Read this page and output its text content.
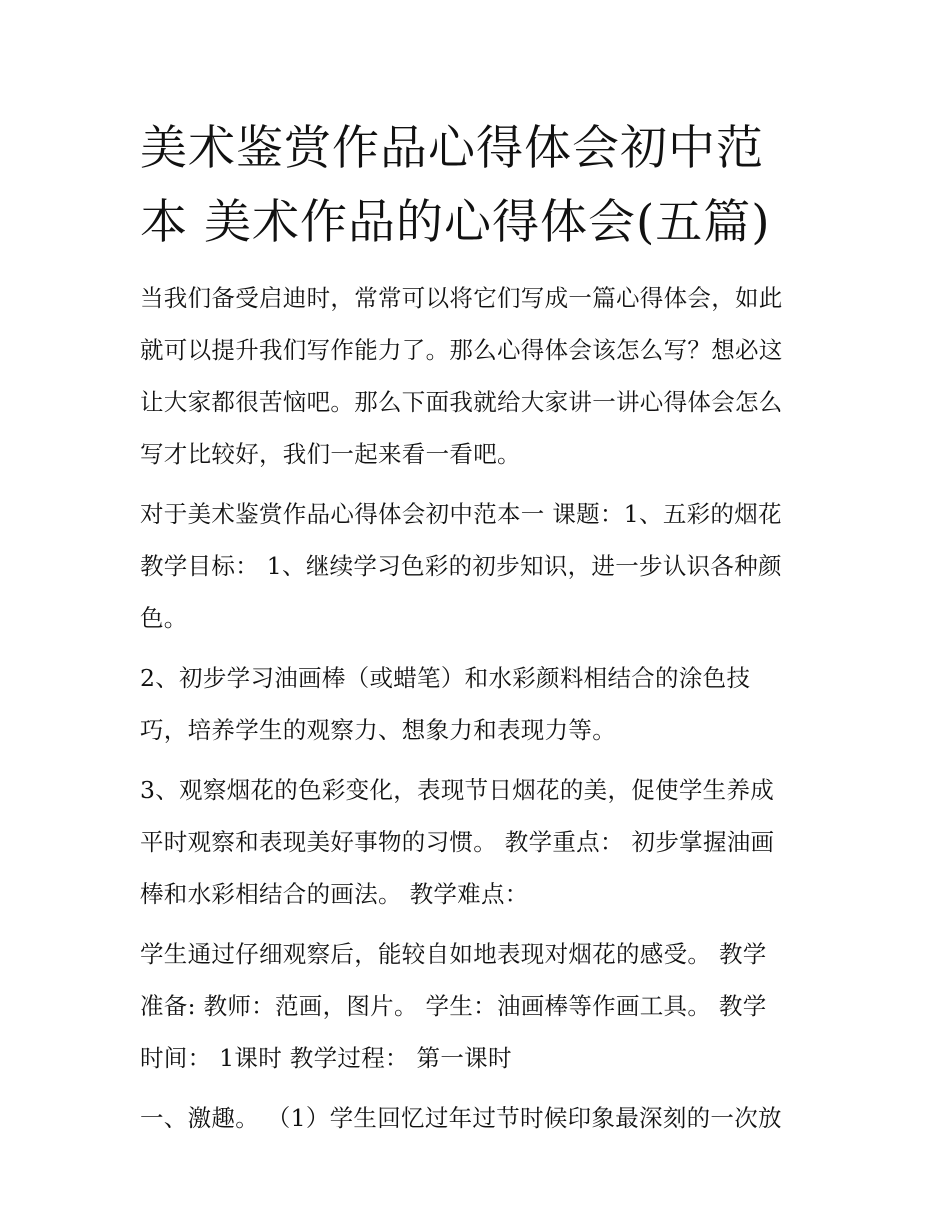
美术鉴赏作品心得体会初中范
本 美术作品的心得体会(五篇)

当我们备受启迪时，常常可以将它们写成一篇心得体会，如此
就可以提升我们写作能力了。那么心得体会该怎么写？想必这
让大家都很苦恼吧。那么下面我就给大家讲一讲心得体会怎么
写才比较好，我们一起来看一看吧。

对于美术鉴赏作品心得体会初中范本一 课题：1、五彩的烟花
教学目标： 1、继续学习色彩的初步知识，进一步认识各种颜
色。

2、初步学习油画棒（或蜡笔）和水彩颜料相结合的涂色技
巧，培养学生的观察力、想象力和表现力等。

3、观察烟花的色彩变化，表现节日烟花的美，促使学生养成
平时观察和表现美好事物的习惯。 教学重点： 初步掌握油画
棒和水彩相结合的画法。 教学难点：

学生通过仔细观察后，能较自如地表现对烟花的感受。 教学
准备: 教师：范画，图片。 学生：油画棒等作画工具。 教学
时间： 1课时 教学过程： 第一课时

一、激趣。 （1）学生回忆过年过节时候印象最深刻的一次放
